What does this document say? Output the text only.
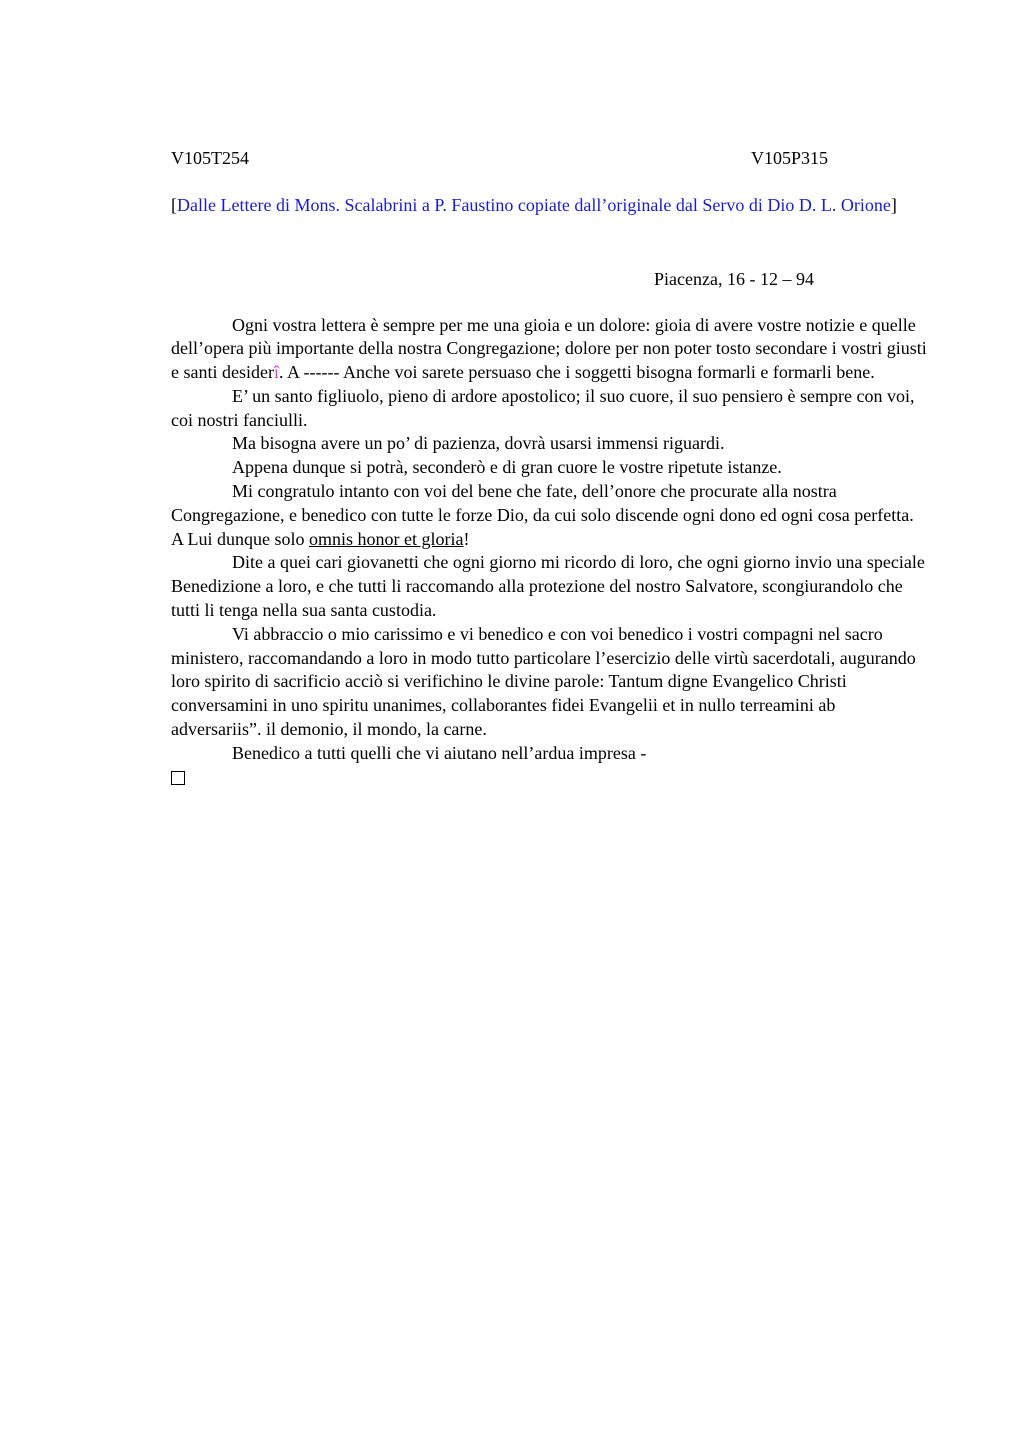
V105T254	V105P315
[Dalle Lettere di Mons. Scalabrini a P. Faustino copiate dall’originale dal Servo di Dio D. L. Orione]
Piacenza, 16 - 12 – 94

Ogni vostra lettera è sempre per me una gioia e un dolore: gioia di avere vostre notizie e quelle dell’opera più importante della nostra Congregazione; dolore per non poter tosto secondare i vostri giusti e santi desiderî. A ------ Anche voi sarete persuaso che i soggetti bisogna formarli e formarli bene.

E’ un santo figliuolo, pieno di ardore apostolico; il suo cuore, il suo pensiero è sempre con voi, coi nostri fanciulli.

Ma bisogna avere un po’ di pazienza, dovrà usarsi immensi riguardi.

Appena dunque si potrà, seconderò e di gran cuore le vostre ripetute istanze.

Mi congratulo intanto con voi del bene che fate, dell’onore che procurate alla nostra Congregazione, e benedico con tutte le forze Dio, da cui solo discende ogni dono ed ogni cosa perfetta. A Lui dunque solo omnis honor et gloria!

Dite a quei cari giovanetti che ogni giorno mi ricordo di loro, che ogni giorno invio una speciale Benedizione a loro, e che tutti li raccomando alla protezione del nostro Salvatore, scongiurandolo che tutti li tenga nella sua santa custodia.

Vi abbraccio o mio carissimo e vi benedico e con voi benedico i vostri compagni nel sacro ministero, raccomandando a loro in modo tutto particolare l’esercizio delle virtù sacerdotali, augurando loro spirito di sacrificio acciò si verifichino le divine parole: Tantum digne Evangelico Christi conversamini in uno spiritu unanimes, collaborantes fidei Evangelii et in nullo terreamini ab adversariis”. il demonio, il mondo, la carne.

Benedico a tutti quelli che vi aiutano nell’ardua impresa -
